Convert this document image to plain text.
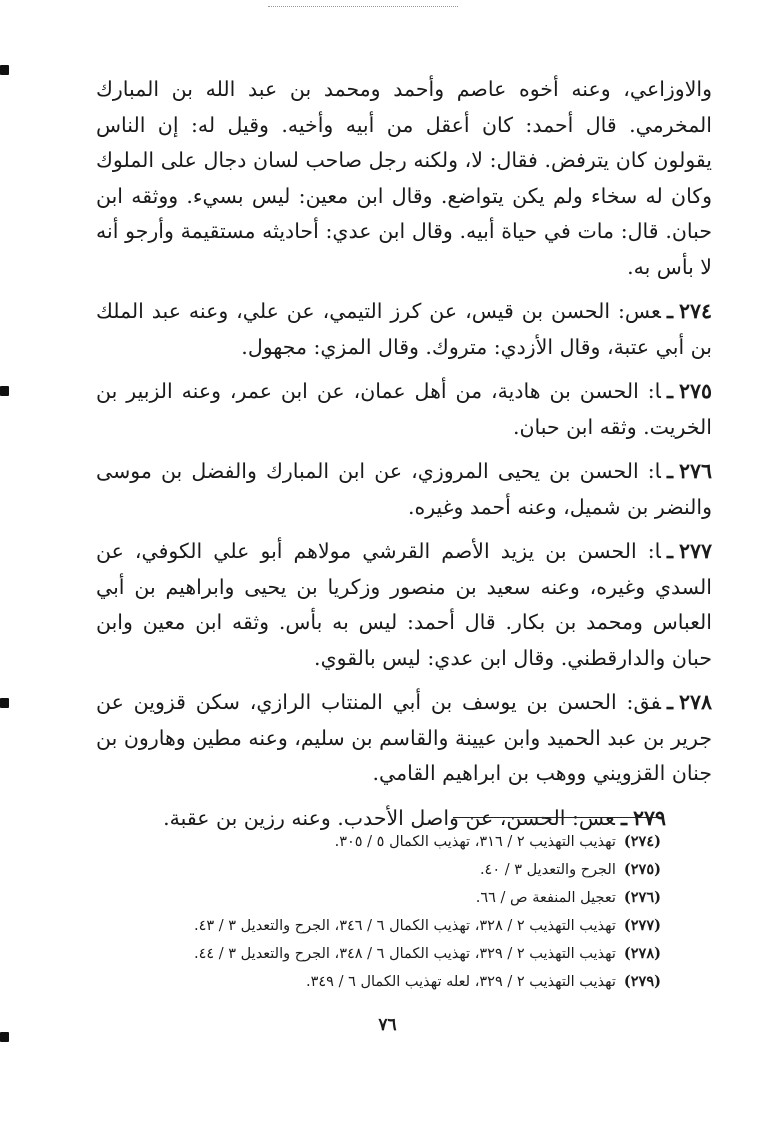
والاوزاعي، وعنه أخوه عاصم وأحمد ومحمد بن عبد الله بن المبارك المخرمي. قال أحمد: كان أعقل من أبيه وأخيه. وقيل له: إن الناس يقولون كان يترفض. فقال: لا، ولكنه رجل صاحب لسان دجال على الملوك وكان له سخاء ولم يكن يتواضع. وقال ابن معين: ليس بسيء. ووثقه ابن حبان. قال: مات في حياة أبيه. وقال ابن عدي: أحاديثه مستقيمة وأرجو أنه لا بأس به.

٢٧٤ـعس: الحسن بن قيس، عن كرز التيمي، عن علي، وعنه عبد الملك بن أبي عتبة، وقال الأزدي: متروك. وقال المزي: مجهول.

٢٧٥ـا: الحسن بن هادية، من أهل عمان، عن ابن عمر، وعنه الزبير بن الخريت. وثقه ابن حبان.

٢٧٦ـا: الحسن بن يحيى المروزي، عن ابن المبارك والفضل بن موسى والنضر بن شميل، وعنه أحمد وغيره.

٢٧٧ـا: الحسن بن يزيد الأصم القرشي مولاهم أبو علي الكوفي، عن السدي وغيره، وعنه سعيد بن منصور وزكريا بن يحيى وابراهيم بن أبي العباس ومحمد بن بكار. قال أحمد: ليس به بأس. وثقه ابن معين وابن حبان والدارقطني. وقال ابن عدي: ليس بالقوي.

٢٧٨ـفق: الحسن بن يوسف بن أبي المنتاب الرازي، سكن قزوين عن جرير بن عبد الحميد وابن عيينة والقاسم بن سليم، وعنه مطين وهارون بن جنان القزويني ووهب بن ابراهيم القامي.

٢٧٩ـعس: الحسن، عن واصل الأحدب. وعنه رزين بن عقبة.

(٢٧٤)تهذيب التهذيب ٢ / ٣١٦، تهذيب الكمال ٥ / ٣٠٥.
(٢٧٥)الجرح والتعديل ٣ / ٤٠.
(٢٧٦)تعجيل المنفعة ص / ٦٦.
(٢٧٧)تهذيب التهذيب ٢ / ٣٢٨، تهذيب الكمال ٦ / ٣٤٦، الجرح والتعديل ٣ / ٤٣.
(٢٧٨)تهذيب التهذيب ٢ / ٣٢٩، تهذيب الكمال ٦ / ٣٤٨، الجرح والتعديل ٣ / ٤٤.
(٢٧٩)تهذيب التهذيب ٢ / ٣٢٩، لعله تهذيب الكمال ٦ / ٣٤٩.
٧٦
